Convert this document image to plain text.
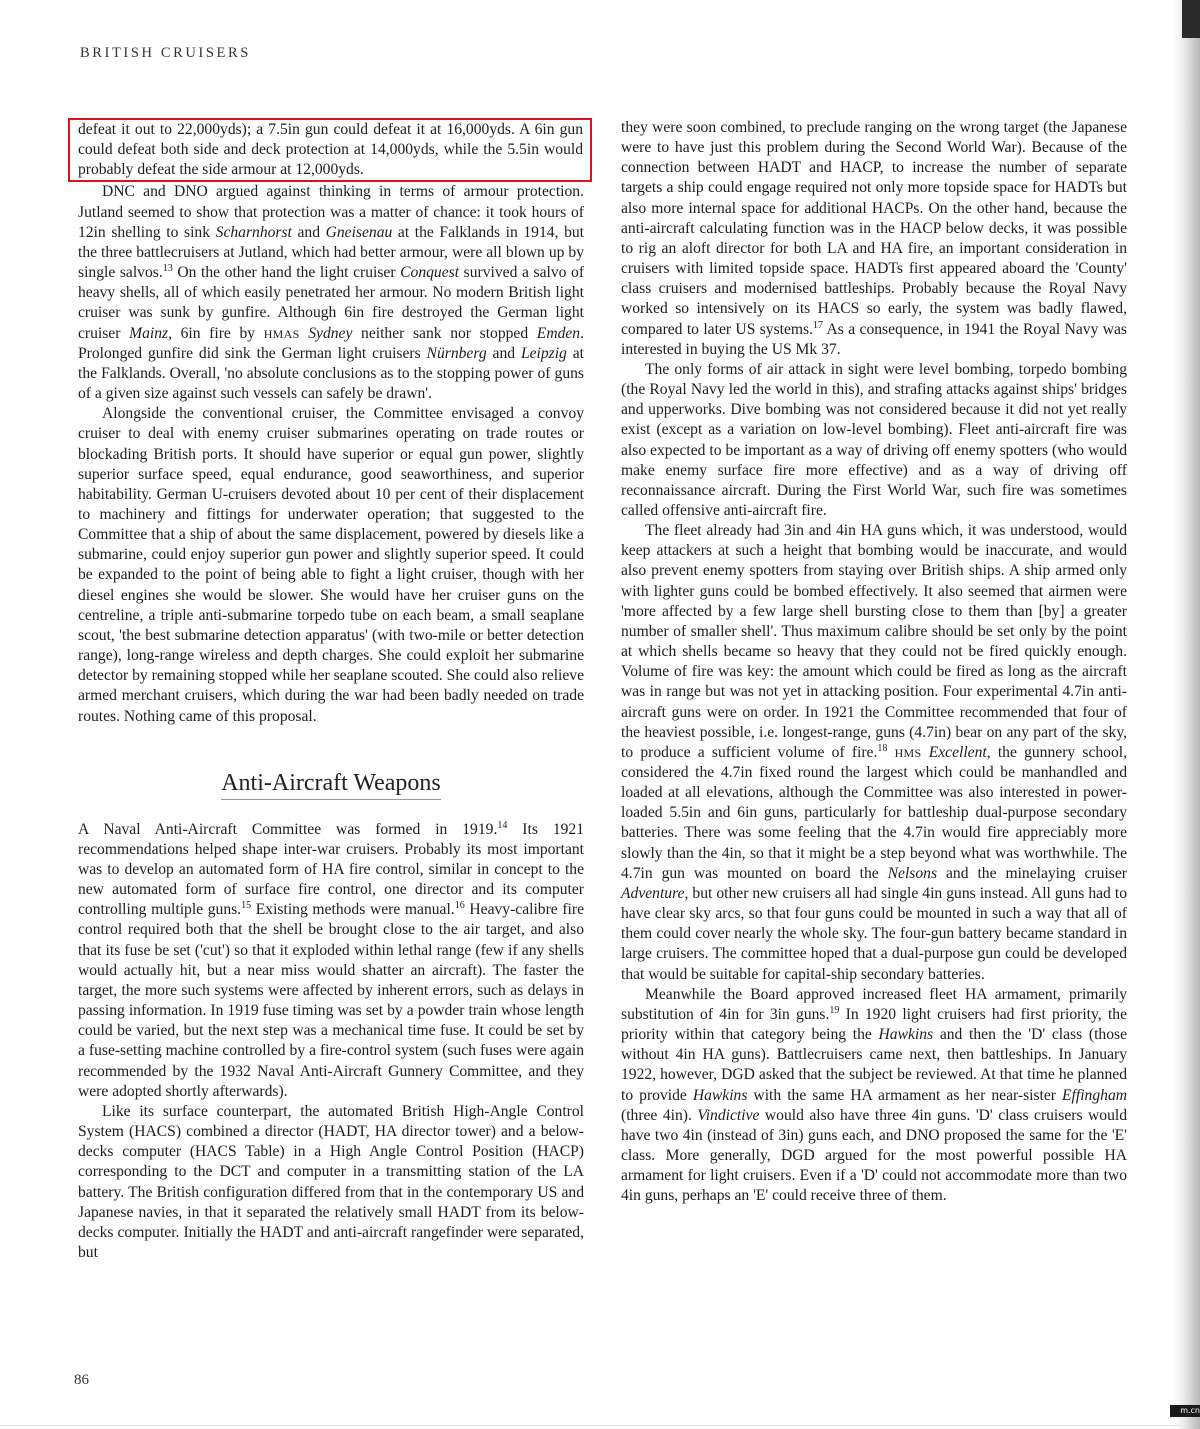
BRITISH CRUISERS

defeat it out to 22,000yds); a 7.5in gun could defeat it at 16,000yds. A 6in gun could defeat both side and deck protection at 14,000yds, while the 5.5in would probably defeat the side armour at 12,000yds.

DNC and DNO argued against thinking in terms of armour protection. Jutland seemed to show that protection was a matter of chance: it took hours of 12in shelling to sink Scharnhorst and Gneisenau at the Falklands in 1914, but the three battlecruisers at Jutland, which had better armour, were all blown up by single salvos.$^{13}$ On the other hand the light cruiser Conquest survived a salvo of heavy shells, all of which easily penetrated her armour. No modern British light cruiser was sunk by gunfire. Although 6in fire destroyed the German light cruiser Mainz, 6in fire by HMAS Sydney neither sank nor stopped Emden. Prolonged gunfire did sink the German light cruisers Nürnberg and Leipzig at the Falklands. Overall, 'no absolute conclusions as to the stopping power of guns of a given size against such vessels can safely be drawn'.

Alongside the conventional cruiser, the Committee envisaged a convoy cruiser to deal with enemy cruiser submarines operating on trade routes or blockading British ports. It should have superior or equal gun power, slightly superior surface speed, equal endurance, good seaworthiness, and superior habitability. German U-cruisers devoted about 10 per cent of their displacement to machinery and fittings for underwater operation; that suggested to the Committee that a ship of about the same displacement, powered by diesels like a submarine, could enjoy superior gun power and slightly superior speed. It could be expanded to the point of being able to fight a light cruiser, though with her diesel engines she would be slower. She would have her cruiser guns on the centreline, a triple anti-submarine torpedo tube on each beam, a small seaplane scout, 'the best submarine detection apparatus' (with two-mile or better detection range), long-range wireless and depth charges. She could exploit her submarine detector by remaining stopped while her seaplane scouted. She could also relieve armed merchant cruisers, which during the war had been badly needed on trade routes. Nothing came of this proposal.

Anti-Aircraft Weapons

A Naval Anti-Aircraft Committee was formed in 1919.14 Its 1921 recommendations helped shape inter-war cruisers. Probably its most important was to develop an automated form of HA fire control, similar in concept to the new automated form of surface fire control, one director and its computer controlling multiple guns.$^{15}$ Existing methods were manual.$^{16}$ Heavy-calibre fire control required both that the shell be brought close to the air target, and also that its fuse be set ('cut') so that it exploded within lethal range (few if any shells would actually hit, but a near miss would shatter an aircraft). The faster the target, the more such systems were affected by inherent errors, such as delays in passing information. In 1919 fuse timing was set by a powder train whose length could be varied, but the next step was a mechanical time fuse. It could be set by a fuse-setting machine controlled by a fire-control system (such fuses were again recommended by the 1932 Naval Anti-Aircraft Gunnery Committee, and they were adopted shortly afterwards).

Like its surface counterpart, the automated British High-Angle Control System (HACS) combined a director (HADT, HA director tower) and a below-decks computer (HACS Table) in a High Angle Control Position (HACP) corresponding to the DCT and computer in a transmitting station of the LA battery. The British configuration differed from that in the contemporary US and Japanese navies, in that it separated the relatively small HADT from its below-decks computer. Initially the HADT and anti-aircraft rangefinder were separated, but

they were soon combined, to preclude ranging on the wrong target (the Japanese were to have just this problem during the Second World War). Because of the connection between HADT and HACP, to increase the number of separate targets a ship could engage required not only more topside space for HADTs but also more internal space for additional HACPs. On the other hand, because the anti-aircraft calculating function was in the HACP below decks, it was possible to rig an aloft director for both LA and HA fire, an important consideration in cruisers with limited topside space. HADTs first appeared aboard the 'County' class cruisers and modernised battleships. Probably because the Royal Navy worked so intensively on its HACS so early, the system was badly flawed, compared to later US systems.$^{17}$ As a consequence, in 1941 the Royal Navy was interested in buying the US Mk 37.

The only forms of air attack in sight were level bombing, torpedo bombing (the Royal Navy led the world in this), and strafing attacks against ships' bridges and upperworks. Dive bombing was not considered because it did not yet really exist (except as a variation on low-level bombing). Fleet anti-aircraft fire was also expected to be important as a way of driving off enemy spotters (who would make enemy surface fire more effective) and as a way of driving off reconnaissance aircraft. During the First World War, such fire was sometimes called offensive anti-aircraft fire.

The fleet already had 3in and 4in HA guns which, it was understood, would keep attackers at such a height that bombing would be inaccurate, and would also prevent enemy spotters from staying over British ships. A ship armed only with lighter guns could be bombed effectively. It also seemed that airmen were 'more affected by a few large shell bursting close to them than [by] a greater number of smaller shell'. Thus maximum calibre should be set only by the point at which shells became so heavy that they could not be fired quickly enough. Volume of fire was key: the amount which could be fired as long as the aircraft was in range but was not yet in attacking position. Four experimental 4.7in anti-aircraft guns were on order. In 1921 the Committee recommended that four of the heaviest possible, i.e. longest-range, guns (4.7in) bear on any part of the sky, to produce a sufficient volume of fire.$^{18}$ HMS Excellent, the gunnery school, considered the 4.7in fixed round the largest which could be manhandled and loaded at all elevations, although the Committee was also interested in power-loaded 5.5in and 6in guns, particularly for battleship dual-purpose secondary batteries. There was some feeling that the 4.7in would fire appreciably more slowly than the 4in, so that it might be a step beyond what was worthwhile. The 4.7in gun was mounted on board the Nelsons and the minelaying cruiser Adventure, but other new cruisers all had single 4in guns instead. All guns had to have clear sky arcs, so that four guns could be mounted in such a way that all of them could cover nearly the whole sky. The four-gun battery became standard in large cruisers. The committee hoped that a dual-purpose gun could be developed that would be suitable for capital-ship secondary batteries.

Meanwhile the Board approved increased fleet HA armament, primarily substitution of 4in for 3in guns.$^{19}$ In 1920 light cruisers had first priority, the priority within that category being the Hawkins and then the 'D' class (those without 4in HA guns). Battlecruisers came next, then battleships. In January 1922, however, DGD asked that the subject be reviewed. At that time he planned to provide Hawkins with the same HA armament as her near-sister Effingham (three 4in). Vindictive would also have three 4in guns. 'D' class cruisers would have two 4in (instead of 3in) guns each, and DNO proposed the same for the 'E' class. More generally, DGD argued for the most powerful possible HA armament for light cruisers. Even if a 'D' could not accommodate more than two 4in guns, perhaps an 'E' could receive three of them.

86
m.cn
